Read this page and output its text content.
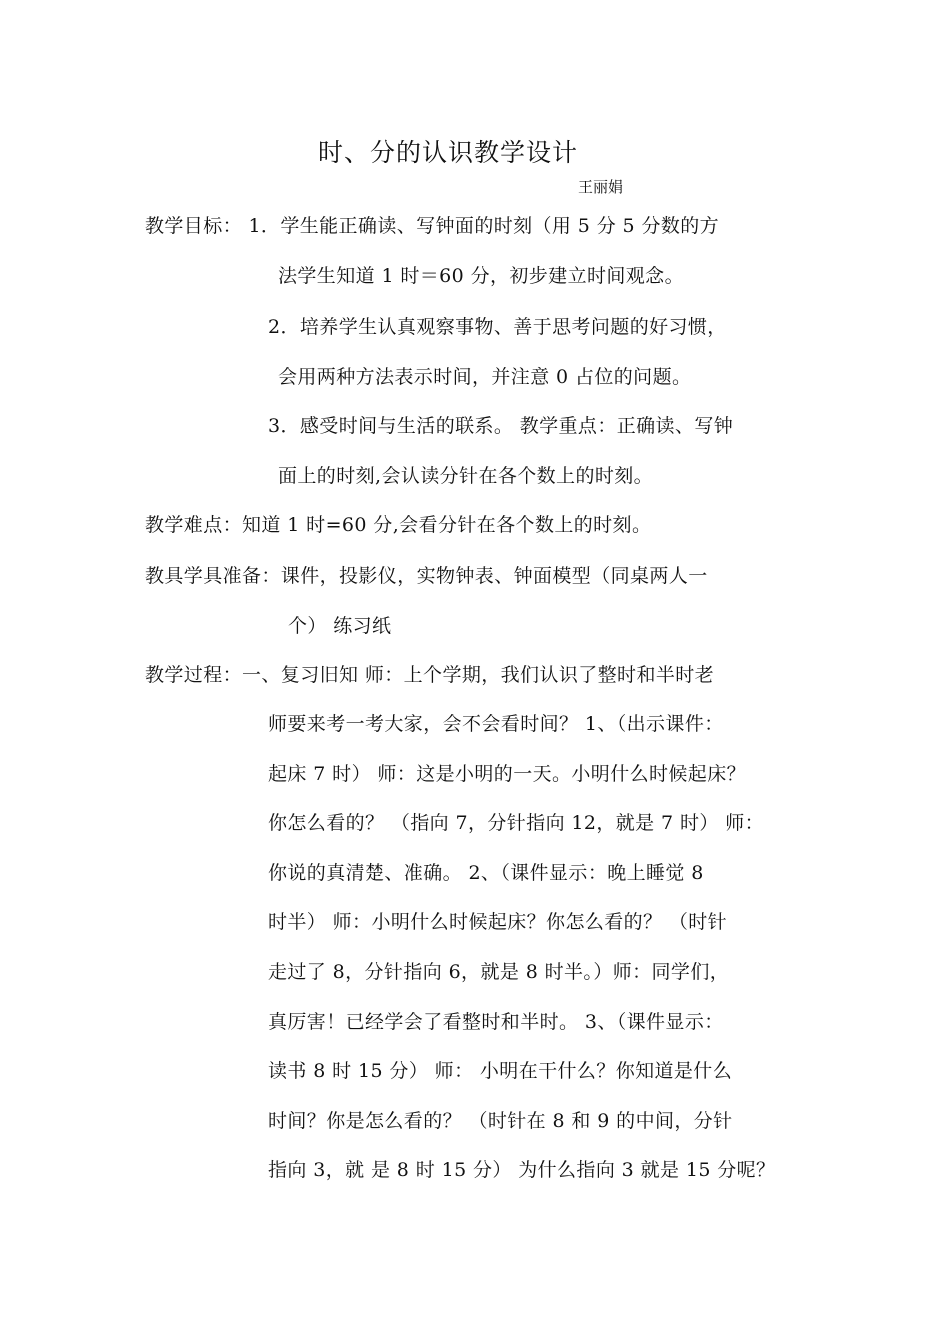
时、分的认识教学设计
王丽娟
教学目标： 1．学生能正确读、写钟面的时刻（用 5 分 5 分数的方
法学生知道 1 时＝60 分，初步建立时间观念。
2．培养学生认真观察事物、善于思考问题的好习惯，
会用两种方法表示时间，并注意 0 占位的问题。
3．感受时间与生活的联系。 教学重点：正确读、写钟
面上的时刻,会认读分针在各个数上的时刻。
教学难点：知道 1 时=60 分,会看分针在各个数上的时刻。
教具学具准备：课件，投影仪，实物钟表、钟面模型（同桌两人一
个） 练习纸
教学过程：一、复习旧知 师：上个学期，我们认识了整时和半时老
师要来考一考大家，会不会看时间？ 1、（出示课件：
起床 7 时） 师：这是小明的一天。小明什么时候起床？
你怎么看的？ （指向 7，分针指向 12，就是 7 时） 师：
你说的真清楚、准确。 2、（课件显示：晚上睡觉 8
时半） 师：小明什么时候起床？你怎么看的？ （时针
走过了 8，分针指向 6，就是 8 时半。）师：同学们，
真厉害！已经学会了看整时和半时。 3、（课件显示：
读书 8 时 15 分） 师： 小明在干什么？你知道是什么
时间？你是怎么看的？ （时针在 8 和 9 的中间，分针
指向 3，就 是 8 时 15 分） 为什么指向 3 就是 15 分呢？
